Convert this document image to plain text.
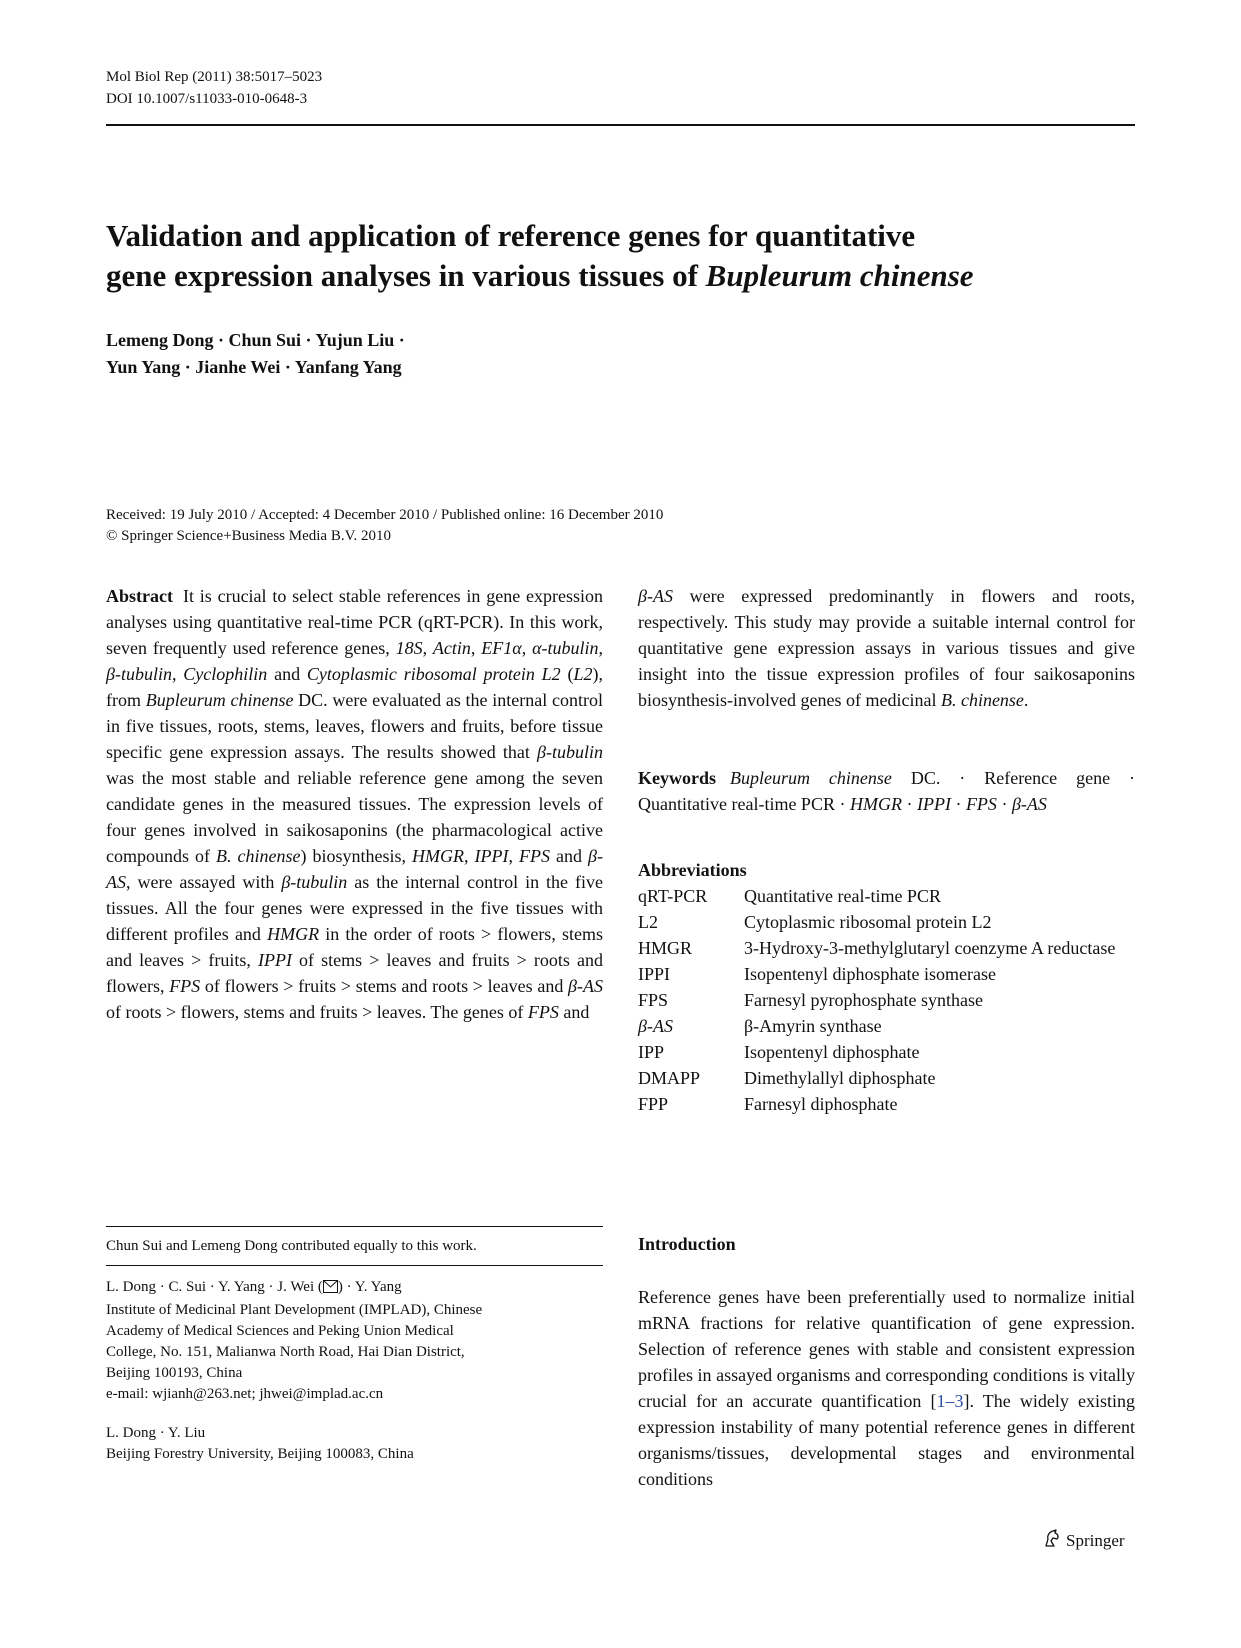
Mol Biol Rep (2011) 38:5017–5023
DOI 10.1007/s11033-010-0648-3
Validation and application of reference genes for quantitative
gene expression analyses in various tissues of Bupleurum chinense
Lemeng Dong · Chun Sui · Yujun Liu ·
Yun Yang · Jianhe Wei · Yanfang Yang
Received: 19 July 2010 / Accepted: 4 December 2010 / Published online: 16 December 2010
© Springer Science+Business Media B.V. 2010
Abstract It is crucial to select stable references in gene expression analyses using quantitative real-time PCR (qRT-PCR). In this work, seven frequently used reference genes, 18S, Actin, EF1α, α-tubulin, β-tubulin, Cyclophilin and Cytoplasmic ribosomal protein L2 (L2), from Bupleurum chinense DC. were evaluated as the internal control in five tissues, roots, stems, leaves, flowers and fruits, before tissue specific gene expression assays. The results showed that β-tubulin was the most stable and reliable reference gene among the seven candidate genes in the measured tissues. The expression levels of four genes involved in saikosaponins (the pharmacological active compounds of B. chinense) biosynthesis, HMGR, IPPI, FPS and β-AS, were assayed with β-tubulin as the internal control in the five tissues. All the four genes were expressed in the five tissues with different profiles and HMGR in the order of roots > flowers, stems and leaves > fruits, IPPI of stems > leaves and fruits > roots and flowers, FPS of flowers > fruits > stems and roots > leaves and β-AS of roots > flowers, stems and fruits > leaves. The genes of FPS and
β-AS were expressed predominantly in flowers and roots, respectively. This study may provide a suitable internal control for quantitative gene expression assays in various tissues and give insight into the tissue expression profiles of four saikosaponins biosynthesis-involved genes of medicinal B. chinense.
Keywords Bupleurum chinense DC. · Reference gene · Quantitative real-time PCR · HMGR · IPPI · FPS · β-AS
Abbreviations
qRT-PCR	Quantitative real-time PCR
L2	Cytoplasmic ribosomal protein L2
HMGR	3-Hydroxy-3-methylglutaryl coenzyme A reductase
IPPI	Isopentenyl diphosphate isomerase
FPS	Farnesyl pyrophosphate synthase
β-AS	β-Amyrin synthase
IPP	Isopentenyl diphosphate
DMAPP	Dimethylallyl diphosphate
FPP	Farnesyl diphosphate
Chun Sui and Lemeng Dong contributed equally to this work.
L. Dong · C. Sui · Y. Yang · J. Wei ( ) · Y. Yang
Institute of Medicinal Plant Development (IMPLAD), Chinese
Academy of Medical Sciences and Peking Union Medical
College, No. 151, Malianwa North Road, Hai Dian District,
Beijing 100193, China
e-mail: wjianh@263.net; jhwei@implad.ac.cn
L. Dong · Y. Liu
Beijing Forestry University, Beijing 100083, China
Introduction
Reference genes have been preferentially used to normalize initial mRNA fractions for relative quantification of gene expression. Selection of reference genes with stable and consistent expression profiles in assayed organisms and corresponding conditions is vitally crucial for an accurate quantification [1–3]. The widely existing expression instability of many potential reference genes in different organisms/tissues, developmental stages and environmental conditions
Springer
